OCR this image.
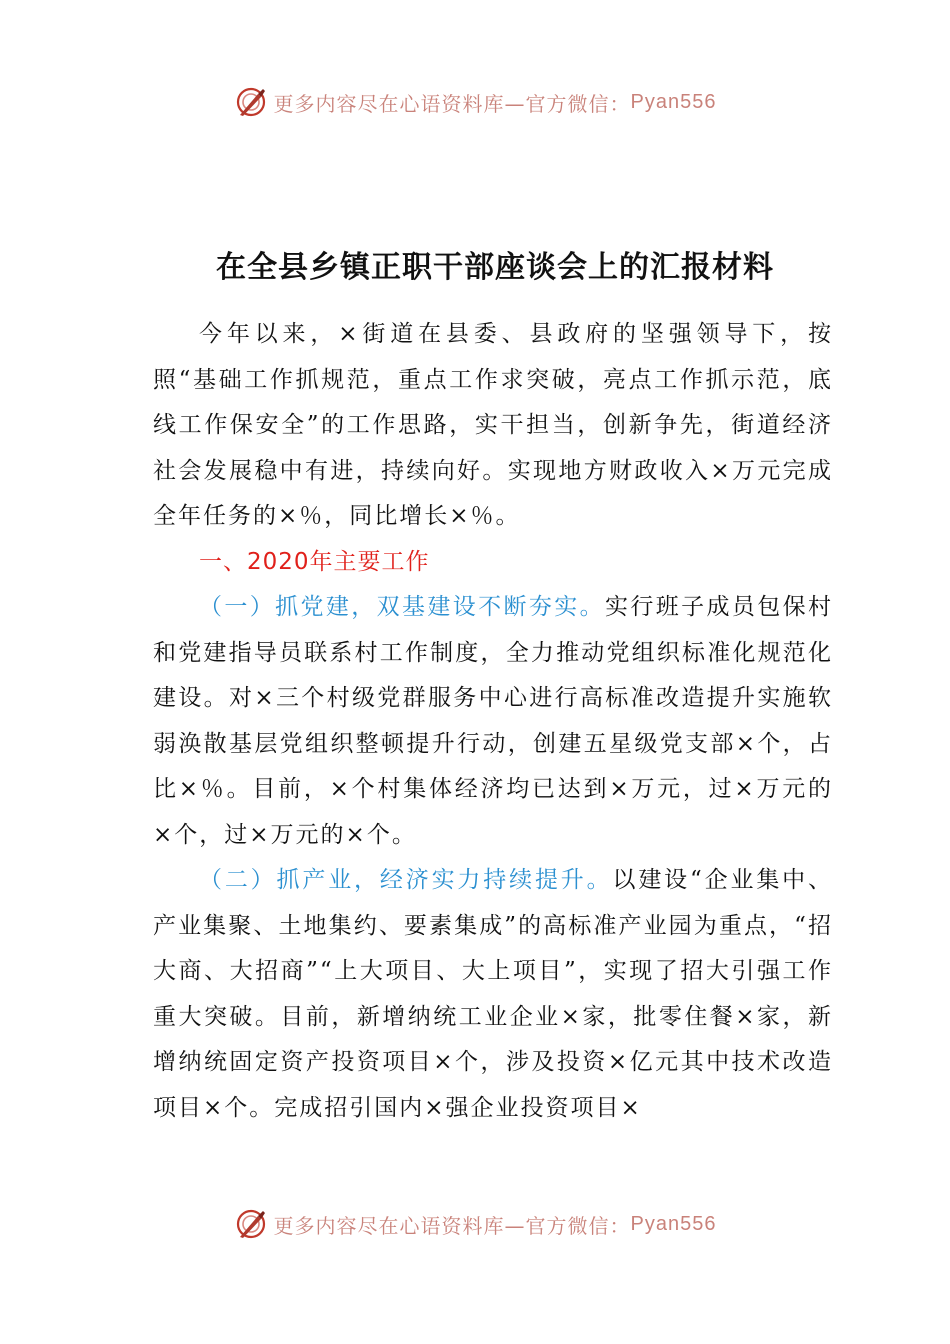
更多内容尽在心语资料库—官方微信： Pyan556
在全县乡镇正职干部座谈会上的汇报材料

今年以来，×街道在县委、县政府的坚强领导下，按照“基础工作抓规范，重点工作求突破，亮点工作抓示范，底线工作保安全”的工作思路，实干担当，创新争先，街道经济社会发展稳中有进，持续向好。实现地方财政收入×万元完成全年任务的×％，同比增长×％。

一、2020年主要工作

（一）抓党建，双基建设不断夯实。实行班子成员包保村和党建指导员联系村工作制度，全力推动党组织标准化规范化建设。对×三个村级党群服务中心进行高标准改造提升实施软弱涣散基层党组织整顿提升行动，创建五星级党支部×个，占比×％。目前，×个村集体经济均已达到×万元，过×万元的×个，过×万元的×个。

（二）抓产业，经济实力持续提升。以建设“企业集中、产业集聚、土地集约、要素集成”的高标准产业园为重点，“招大商、大招商”“上大项目、大上项目”，实现了招大引强工作重大突破。目前，新增纳统工业企业×家，批零住餐×家，新增纳统固定资产投资项目×个，涉及投资×亿元其中技术改造项目×个。完成招引国内×强企业投资项目×

更多内容尽在心语资料库—官方微信： Pyan556
